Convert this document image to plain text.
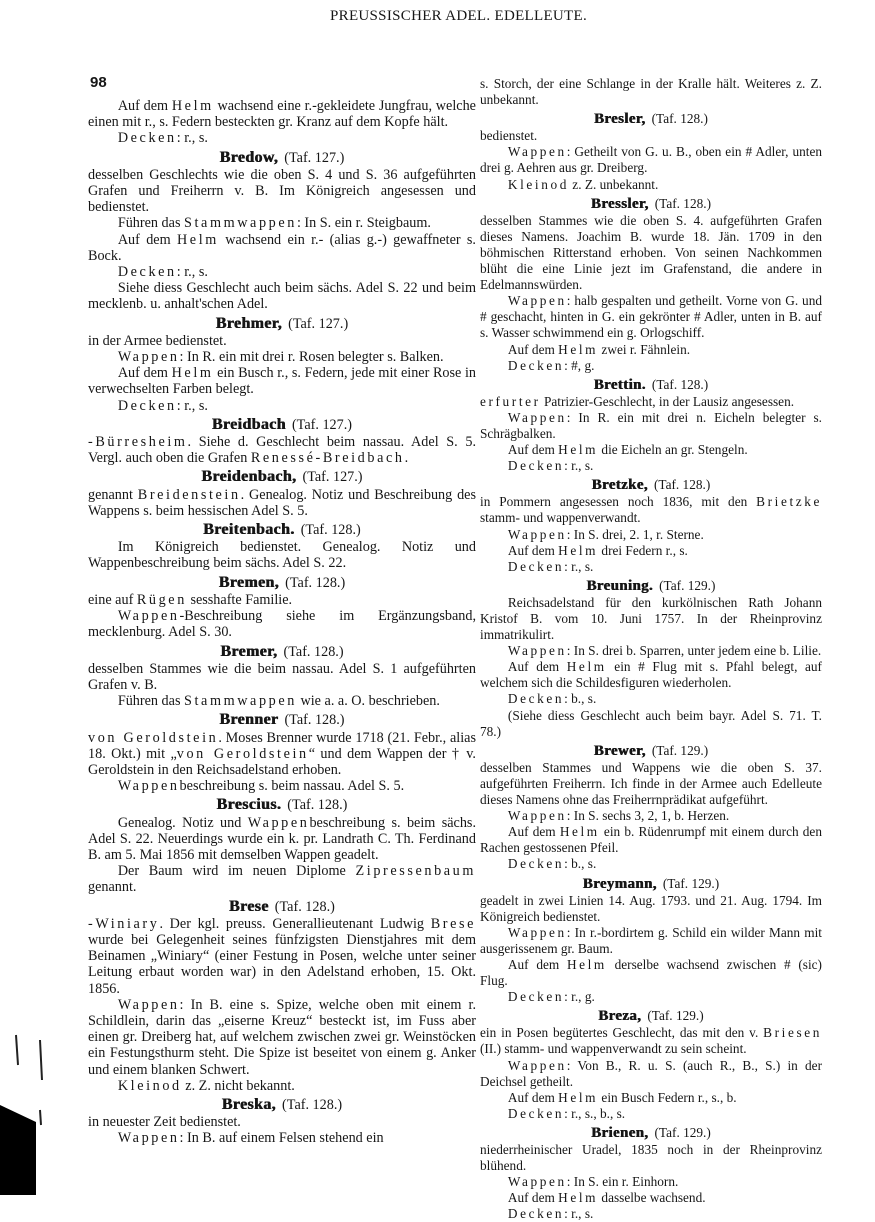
PREUSSISCHER ADEL. EDELLEUTE.
98

Auf dem Helm wachsend eine r.-gekleidete Jungfrau, welche einen mit r., s. Federn besteckten gr. Kranz auf dem Kopfe hält.

Decken: r., s.

Bredow, (Taf. 127.)

desselben Geschlechts wie die oben S. 4 und S. 36 aufgeführten Grafen und Freiherrn v. B. Im Königreich angesessen und bedienstet.

Führen das Stammwappen: In S. ein r. Steigbaum.

Auf dem Helm wachsend ein r.- (alias g.-) gewaffneter s. Bock.

Decken: r., s.

Siehe diess Geschlecht auch beim sächs. Adel S. 22 und beim mecklenb. u. anhalt'schen Adel.

Brehmer, (Taf. 127.)

in der Armee bedienstet.

Wappen: In R. ein mit drei r. Rosen belegter s. Balken.

Auf dem Helm ein Busch r., s. Federn, jede mit einer Rose in verwechselten Farben belegt.

Decken: r., s.

Breidbach (Taf. 127.)

-Bürresheim. Siehe d. Geschlecht beim nassau. Adel S. 5. Vergl. auch oben die Grafen Renessé-Breidbach.

Breidenbach, (Taf. 127.)

genannt Breidenstein. Genealog. Notiz und Beschreibung des Wappens s. beim hessischen Adel S. 5.

Breitenbach. (Taf. 128.)

Im Königreich bedienstet. Genealog. Notiz und Wappenbeschreibung beim sächs. Adel S. 22.

Bremen, (Taf. 128.)

eine auf Rügen sesshafte Familie.

Wappen-Beschreibung siehe im Ergänzungsband, mecklenburg. Adel S. 30.

Bremer, (Taf. 128.)

desselben Stammes wie die beim nassau. Adel S. 1 aufgeführten Grafen v. B.

Führen das Stammwappen wie a. a. O. beschrieben.

Brenner (Taf. 128.)

von Geroldstein. Moses Brenner wurde 1718 (21. Febr., alias 18. Okt.) mit „von Geroldstein“ und dem Wappen der † v. Geroldstein in den Reichsadelstand erhoben.

Wappenbeschreibung s. beim nassau. Adel S. 5.

Brescius. (Taf. 128.)

Genealog. Notiz und Wappenbeschreibung s. beim sächs. Adel S. 22. Neuerdings wurde ein k. pr. Landrath C. Th. Ferdinand B. am 5. Mai 1856 mit demselben Wappen geadelt.

Der Baum wird im neuen Diplome Zipressenbaum genannt.

Brese (Taf. 128.)

-Winiary. Der kgl. preuss. Generallieutenant Ludwig Brese wurde bei Gelegenheit seines fünfzigsten Dienstjahres mit dem Beinamen „Winiary“ (einer Festung in Posen, welche unter seiner Leitung erbaut worden war) in den Adelstand erhoben, 15. Okt. 1856.

Wappen: In B. eine s. Spize, welche oben mit einem r. Schildlein, darin das „eiserne Kreuz“ besteckt ist, im Fuss aber einen gr. Dreiberg hat, auf welchem zwischen zwei gr. Weinstöcken ein Festungsthurm steht. Die Spize ist beseitet von einem g. Anker und einem blanken Schwert.

Kleinod z. Z. nicht bekannt.

Breska, (Taf. 128.)

in neuester Zeit bedienstet.

Wappen: In B. auf einem Felsen stehend ein

s. Storch, der eine Schlange in der Kralle hält. Weiteres z. Z. unbekannt.

Bresler, (Taf. 128.)

bedienstet.

Wappen: Getheilt von G. u. B., oben ein # Adler, unten drei g. Aehren aus gr. Dreiberg.

Kleinod z. Z. unbekannt.

Bressler, (Taf. 128.)

desselben Stammes wie die oben S. 4. aufgeführten Grafen dieses Namens. Joachim B. wurde 18. Jän. 1709 in den böhmischen Ritterstand erhoben. Von seinen Nachkommen blüht die eine Linie jezt im Grafenstand, die andere in Edelmannswürden.

Wappen: halb gespalten und getheilt. Vorne von G. und # geschacht, hinten in G. ein gekrönter # Adler, unten in B. auf s. Wasser schwimmend ein g. Orlogschiff.

Auf dem Helm zwei r. Fähnlein.

Decken: #, g.

Brettin. (Taf. 128.)

erfurter Patrizier-Geschlecht, in der Lausiz angesessen.

Wappen: In R. ein mit drei n. Eicheln belegter s. Schrägbalken.

Auf dem Helm die Eicheln an gr. Stengeln.

Decken: r., s.

Bretzke, (Taf. 128.)

in Pommern angesessen noch 1836, mit den Brietzke stamm- und wappenverwandt.

Wappen: In S. drei, 2. 1, r. Sterne.

Auf dem Helm drei Federn r., s.

Decken: r., s.

Breuning. (Taf. 129.)

Reichsadelstand für den kurkölnischen Rath Johann Kristof B. vom 10. Juni 1757. In der Rheinprovinz immatrikulirt.

Wappen: In S. drei b. Sparren, unter jedem eine b. Lilie.

Auf dem Helm ein # Flug mit s. Pfahl belegt, auf welchem sich die Schildesfiguren wiederholen.

Decken: b., s.

(Siehe diess Geschlecht auch beim bayr. Adel S. 71. T. 78.)

Brewer, (Taf. 129.)

desselben Stammes und Wappens wie die oben S. 37. aufgeführten Freiherrn. Ich finde in der Armee auch Edelleute dieses Namens ohne das Freiherrnprädikat aufgeführt.

Wappen: In S. sechs 3, 2, 1, b. Herzen.

Auf dem Helm ein b. Rüdenrumpf mit einem durch den Rachen gestossenen Pfeil.

Decken: b., s.

Breymann, (Taf. 129.)

geadelt in zwei Linien 14. Aug. 1793. und 21. Aug. 1794. Im Königreich bedienstet.

Wappen: In r.-bordirtem g. Schild ein wilder Mann mit ausgerissenem gr. Baum.

Auf dem Helm derselbe wachsend zwischen # (sic) Flug.

Decken: r., g.

Breza, (Taf. 129.)

ein in Posen begütertes Geschlecht, das mit den v. Briesen (II.) stamm- und wappenverwandt zu sein scheint.

Wappen: Von B., R. u. S. (auch R., B., S.) in der Deichsel getheilt.

Auf dem Helm ein Busch Federn r., s., b.

Decken: r., s., b., s.

Brienen, (Taf. 129.)

niederrheinischer Uradel, 1835 noch in der Rheinprovinz blühend.

Wappen: In S. ein r. Einhorn.

Auf dem Helm dasselbe wachsend.

Decken: r., s.
